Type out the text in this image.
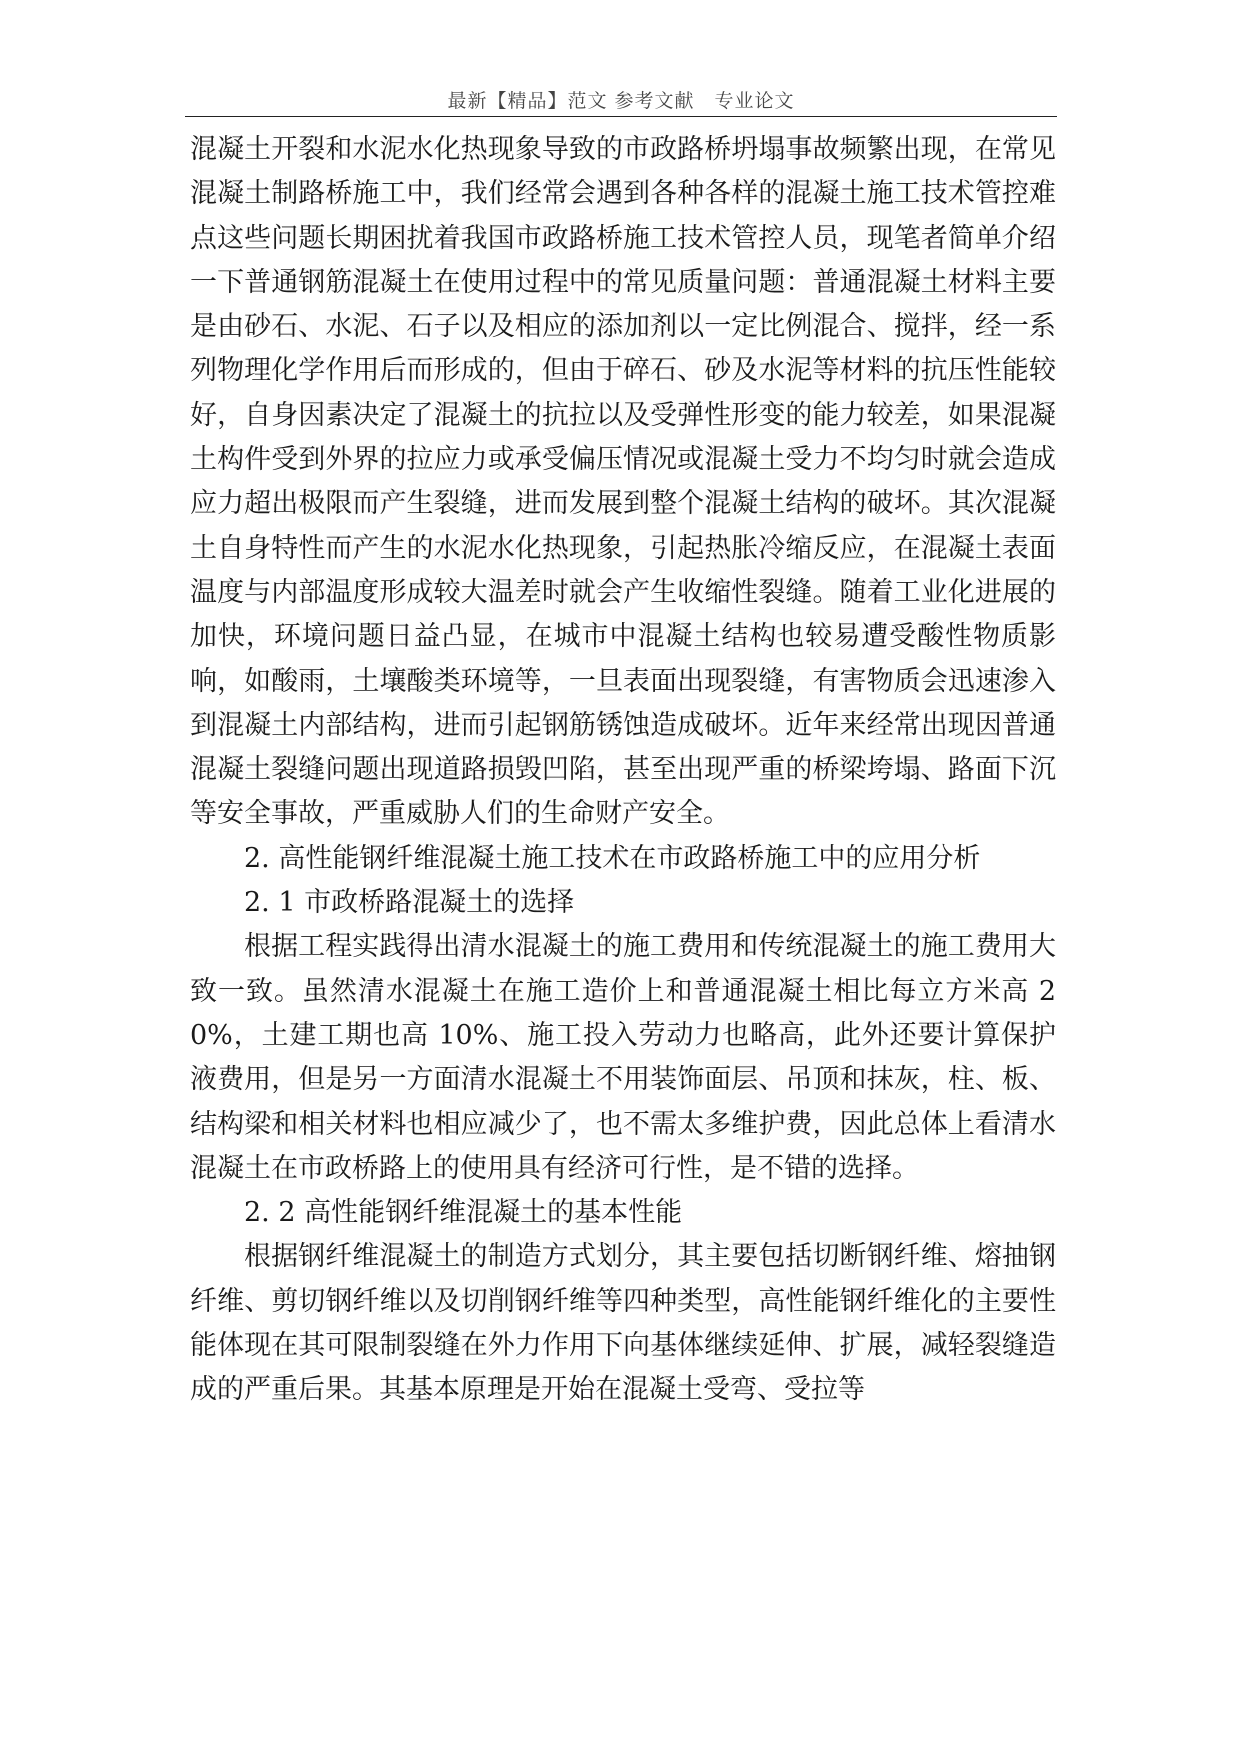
最新【精品】范文 参考文献　专业论文

混凝土开裂和水泥水化热现象导致的市政路桥坍塌事故频繁出现，在常见混凝土制路桥施工中，我们经常会遇到各种各样的混凝土施工技术管控难点这些问题长期困扰着我国市政路桥施工技术管控人员，现笔者简单介绍一下普通钢筋混凝土在使用过程中的常见质量问题：普通混凝土材料主要是由砂石、水泥、石子以及相应的添加剂以一定比例混合、搅拌，经一系列物理化学作用后而形成的，但由于碎石、砂及水泥等材料的抗压性能较好，自身因素决定了混凝土的抗拉以及受弹性形变的能力较差，如果混凝土构件受到外界的拉应力或承受偏压情况或混凝土受力不均匀时就会造成应力超出极限而产生裂缝，进而发展到整个混凝土结构的破坏。其次混凝土自身特性而产生的水泥水化热现象，引起热胀冷缩反应，在混凝土表面温度与内部温度形成较大温差时就会产生收缩性裂缝。随着工业化进展的加快，环境问题日益凸显，在城市中混凝土结构也较易遭受酸性物质影响，如酸雨，土壤酸类环境等，一旦表面出现裂缝，有害物质会迅速渗入到混凝土内部结构，进而引起钢筋锈蚀造成破坏。近年来经常出现因普通混凝土裂缝问题出现道路损毁凹陷，甚至出现严重的桥梁垮塌、路面下沉等安全事故，严重威胁人们的生命财产安全。

2. 高性能钢纤维混凝土施工技术在市政路桥施工中的应用分析

2. 1 市政桥路混凝土的选择

根据工程实践得出清水混凝土的施工费用和传统混凝土的施工费用大致一致。虽然清水混凝土在施工造价上和普通混凝土相比每立方米高 20%，土建工期也高 10%、施工投入劳动力也略高，此外还要计算保护液费用，但是另一方面清水混凝土不用装饰面层、吊顶和抹灰，柱、板、结构梁和相关材料也相应减少了，也不需太多维护费，因此总体上看清水混凝土在市政桥路上的使用具有经济可行性，是不错的选择。

2. 2 高性能钢纤维混凝土的基本性能

根据钢纤维混凝土的制造方式划分，其主要包括切断钢纤维、熔抽钢纤维、剪切钢纤维以及切削钢纤维等四种类型，高性能钢纤维化的主要性能体现在其可限制裂缝在外力作用下向基体继续延伸、扩展，减轻裂缝造成的严重后果。其基本原理是开始在混凝土受弯、受拉等
